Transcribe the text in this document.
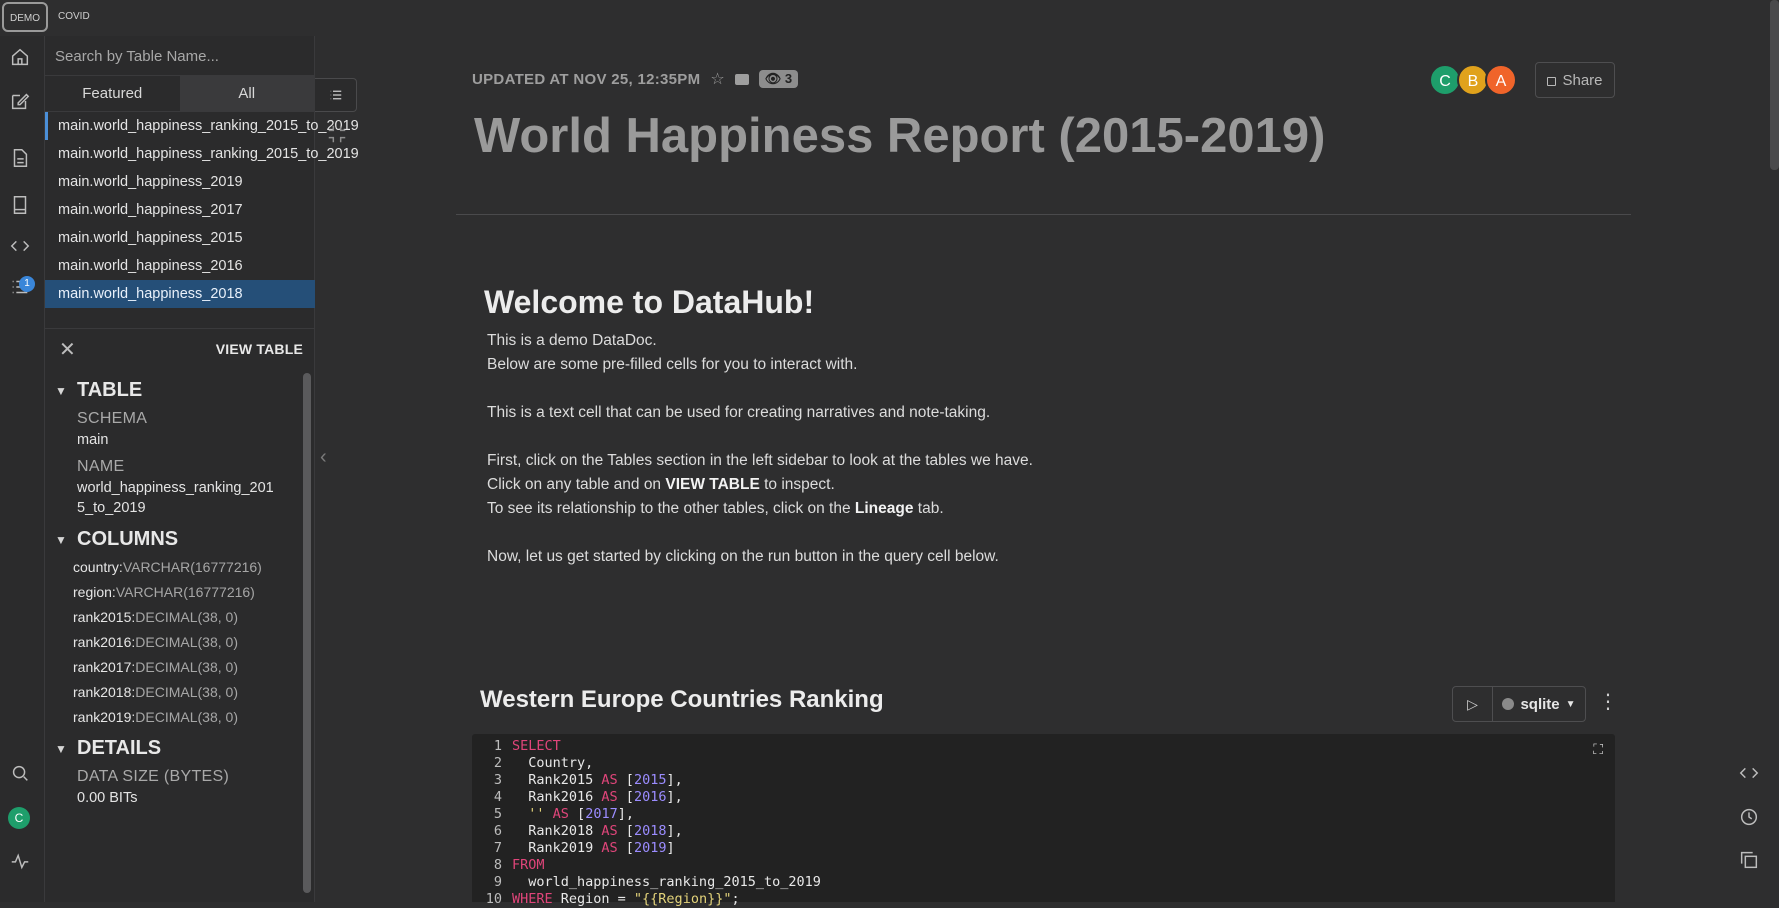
DEMO	COVID
1
C
Search by Table Name...
Featured	All
main.world_happiness_ranking_2015_to_2019
main.world_happiness_ranking_2015_to_2019
main.world_happiness_2019
main.world_happiness_2017
main.world_happiness_2015
main.world_happiness_2016
main.world_happiness_2018
✕	VIEW TABLE
▼ TABLE
SCHEMA
main
NAME
world_happiness_ranking_2015_to_2019
▼ COLUMNS
country:VARCHAR(16777216)
region:VARCHAR(16777216)
rank2015:DECIMAL(38, 0)
rank2016:DECIMAL(38, 0)
rank2017:DECIMAL(38, 0)
rank2018:DECIMAL(38, 0)
rank2019:DECIMAL(38, 0)
▼ DETAILS
DATA SIZE (BYTES)
0.00 BITs
‹
UPDATED AT NOV 25, 12:35PM ☆	👁 3
World Happiness Report (2015-2019)
C	B	A	Share
Welcome to DataHub!

This is a demo DataDoc.

Below are some pre-filled cells for you to interact with.

This is a text cell that can be used for creating narratives and note-taking.

First, click on the Tables section in the left sidebar to look at the tables we have.

Click on any table and on VIEW TABLE to inspect.

To see its relationship to the other tables, click on the Lineage tab.

Now, let us get started by clicking on the run button in the query cell below.

Western Europe Countries Ranking	▷	sqlite ▼ ⋮
1 SELECT
2 Country,
3 Rank2015 AS [2015],
4 Rank2016 AS [2016],
5 '' AS [2017],
6 Rank2018 AS [2018],
7 Rank2019 AS [2019]
8 FROM
9 world_happiness_ranking_2015_to_2019
10 WHERE Region = "{{Region}}";
⛶
